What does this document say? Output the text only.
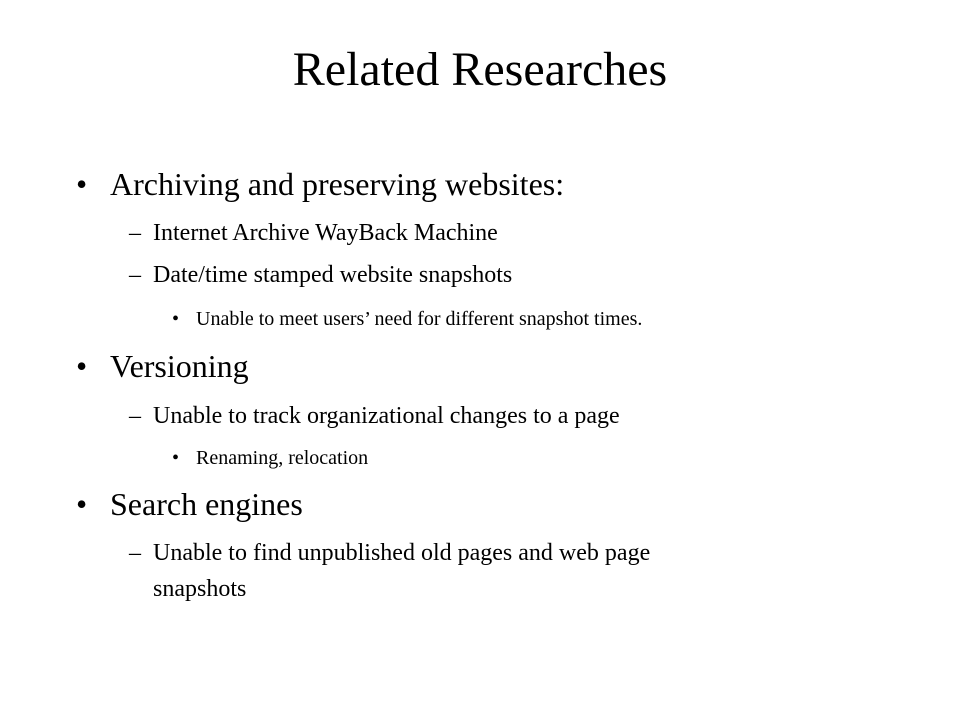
Related Researches
• Archiving and preserving websites:
– Internet Archive WayBack Machine
– Date/time stamped website snapshots
• Unable to meet users’ need for different snapshot times.
• Versioning
– Unable to track organizational changes to a page
• Renaming, relocation
• Search engines
– Unable to find unpublished old pages and web page
snapshots
